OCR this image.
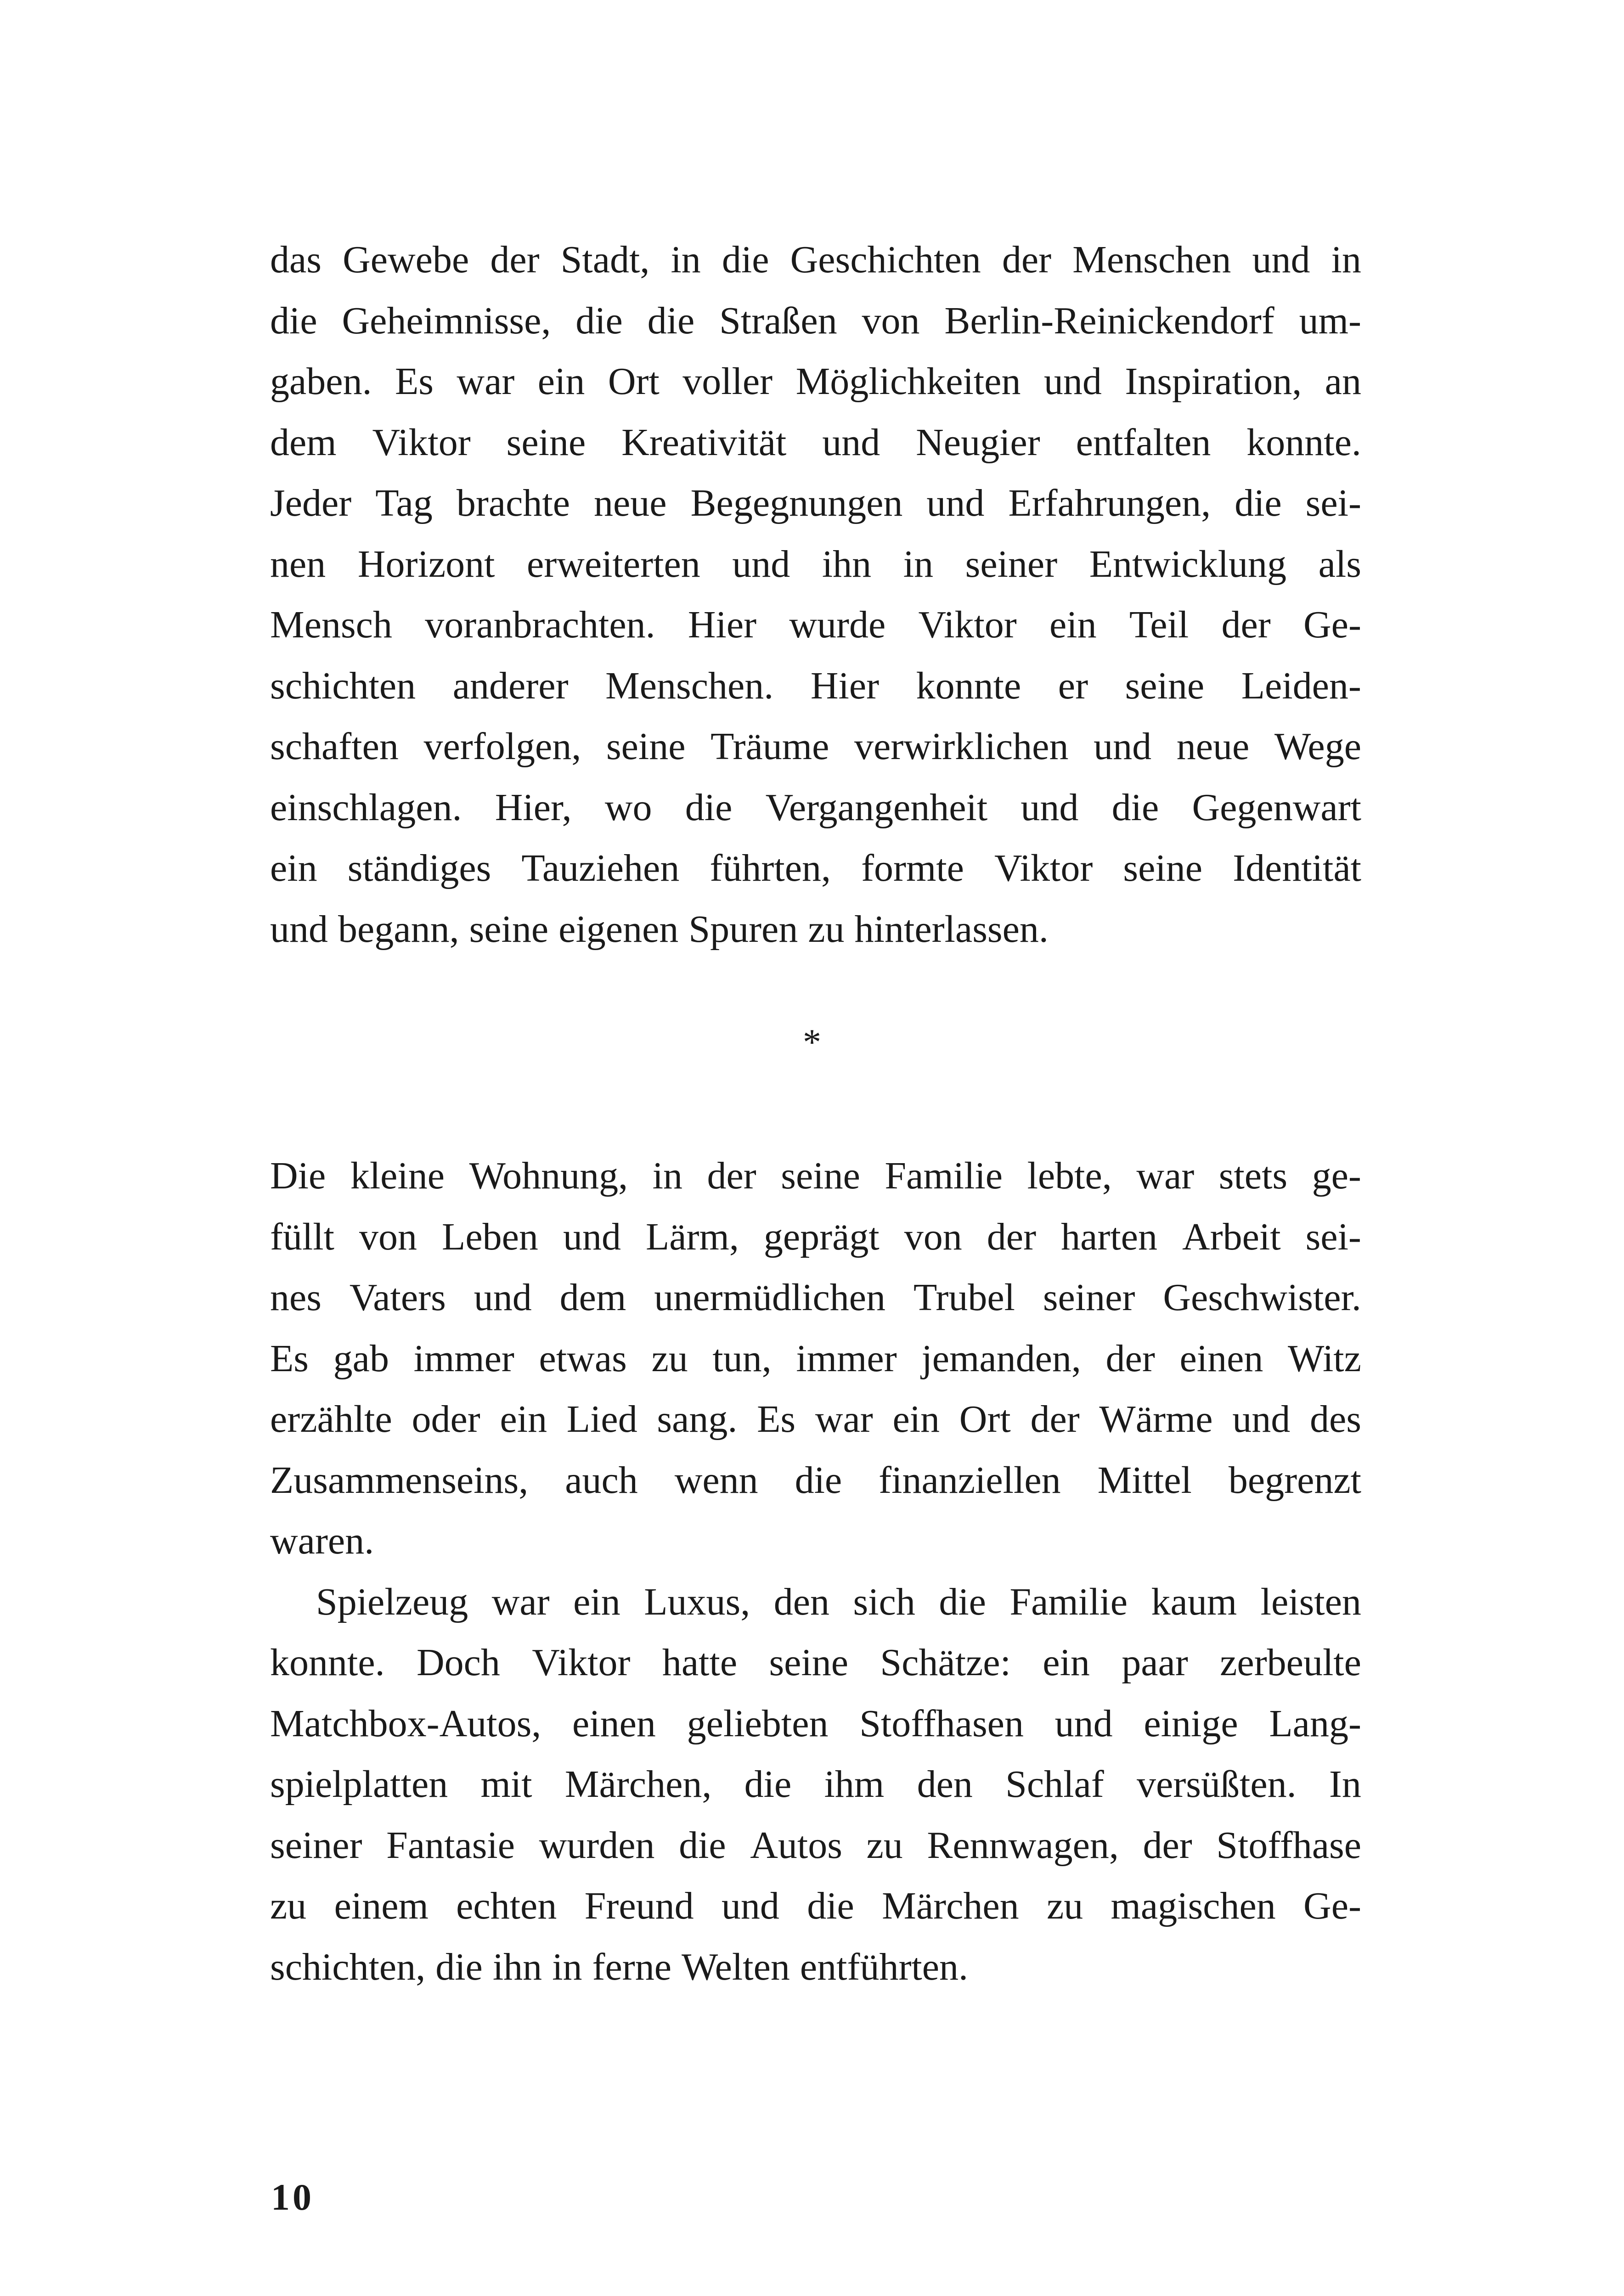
das Gewebe der Stadt, in die Geschichten der Menschen und in
die Geheimnisse, die die Straßen von Berlin-Reinickendorf um-
gaben. Es war ein Ort voller Möglichkeiten und Inspiration, an
dem Viktor seine Kreativität und Neugier entfalten konnte.
Jeder Tag brachte neue Begegnungen und Erfahrungen, die sei-
nen Horizont erweiterten und ihn in seiner Entwicklung als
Mensch voranbrachten. Hier wurde Viktor ein Teil der Ge-
schichten anderer Menschen. Hier konnte er seine Leiden-
schaften verfolgen, seine Träume verwirklichen und neue Wege
einschlagen. Hier, wo die Vergangenheit und die Gegenwart
ein ständiges Tauziehen führten, formte Viktor seine Identität
und begann, seine eigenen Spuren zu hinterlassen.
*
Die kleine Wohnung, in der seine Familie lebte, war stets ge-
füllt von Leben und Lärm, geprägt von der harten Arbeit sei-
nes Vaters und dem unermüdlichen Trubel seiner Geschwister.
Es gab immer etwas zu tun, immer jemanden, der einen Witz
erzählte oder ein Lied sang. Es war ein Ort der Wärme und des
Zusammenseins, auch wenn die finanziellen Mittel begrenzt
waren.
Spielzeug war ein Luxus, den sich die Familie kaum leisten
konnte. Doch Viktor hatte seine Schätze: ein paar zerbeulte
Matchbox-Autos, einen geliebten Stoffhasen und einige Lang-
spielplatten mit Märchen, die ihm den Schlaf versüßten. In
seiner Fantasie wurden die Autos zu Rennwagen, der Stoffhase
zu einem echten Freund und die Märchen zu magischen Ge-
schichten, die ihn in ferne Welten entführten.
10
